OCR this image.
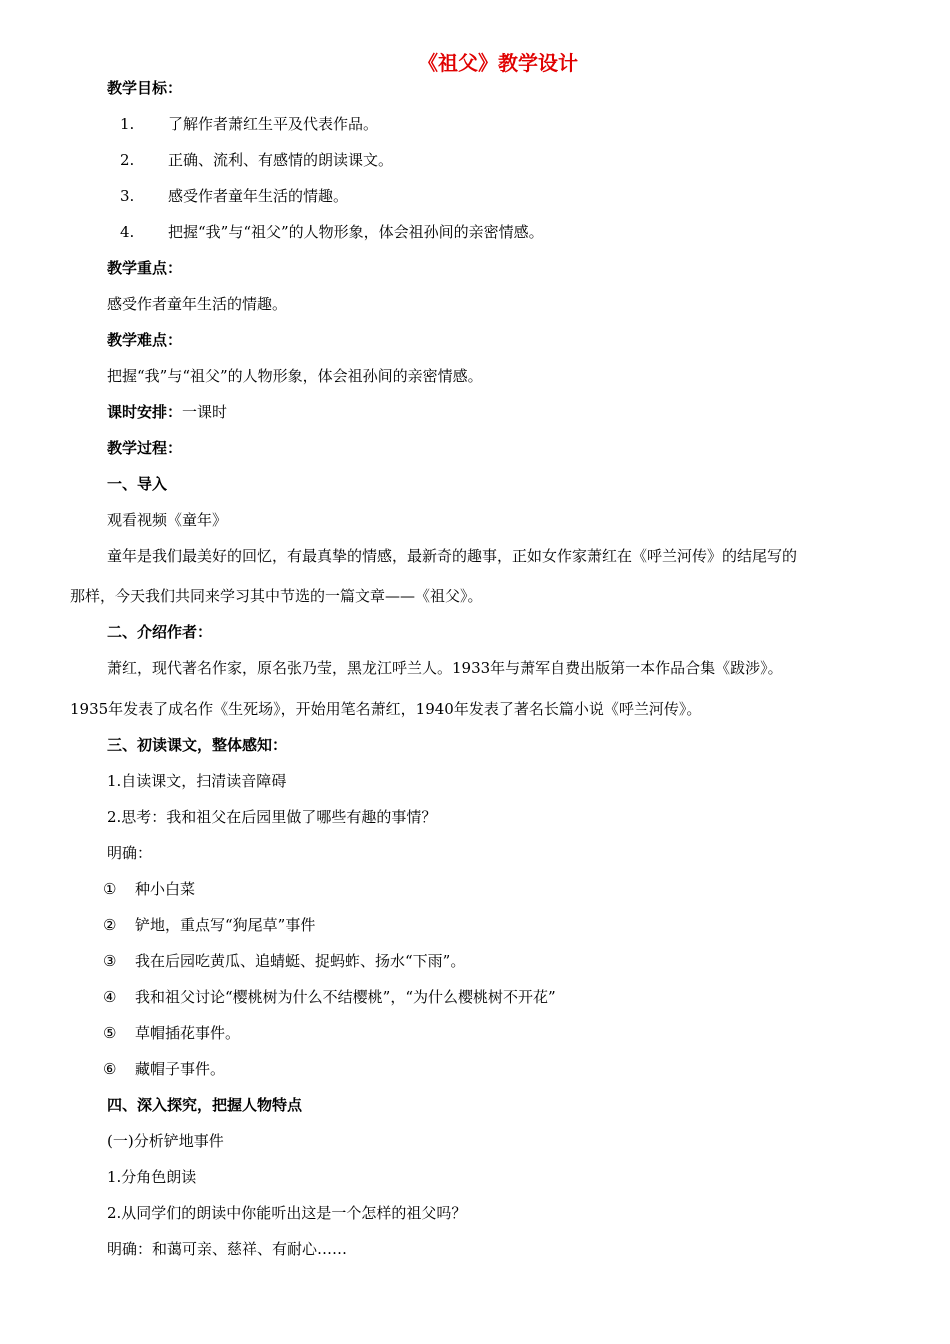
《祖父》教学设计
教学目标：
1. 了解作者萧红生平及代表作品。
2. 正确、流利、有感情的朗读课文。
3. 感受作者童年生活的情趣。
4. 把握“我”与“祖父”的人物形象，体会祖孙间的亲密情感。
教学重点：
感受作者童年生活的情趣。
教学难点：
把握“我”与“祖父”的人物形象，体会祖孙间的亲密情感。
课时安排：一课时
教学过程：
一、导入
观看视频《童年》
童年是我们最美好的回忆，有最真挚的情感，最新奇的趣事，正如女作家萧红在《呼兰河传》的结尾写的
那样，今天我们共同来学习其中节选的一篇文章——《祖父》。
二、介绍作者：
萧红，现代著名作家，原名张乃莹，黑龙江呼兰人。1933年与萧军自费出版第一本作品合集《跋涉》。
1935年发表了成名作《生死场》，开始用笔名萧红，1940年发表了著名长篇小说《呼兰河传》。
三、初读课文，整体感知：
1.自读课文，扫清读音障碍
2.思考：我和祖父在后园里做了哪些有趣的事情？
明确：
① 种小白菜
② 铲地，重点写“狗尾草”事件
③ 我在后园吃黄瓜、追蜻蜓、捉蚂蚱、扬水“下雨”。
④ 我和祖父讨论“樱桃树为什么不结樱桃”，“为什么樱桃树不开花”
⑤ 草帽插花事件。
⑥ 藏帽子事件。
四、深入探究，把握人物特点
(一)分析铲地事件
1.分角色朗读
2.从同学们的朗读中你能听出这是一个怎样的祖父吗？
明确：和蔼可亲、慈祥、有耐心……
